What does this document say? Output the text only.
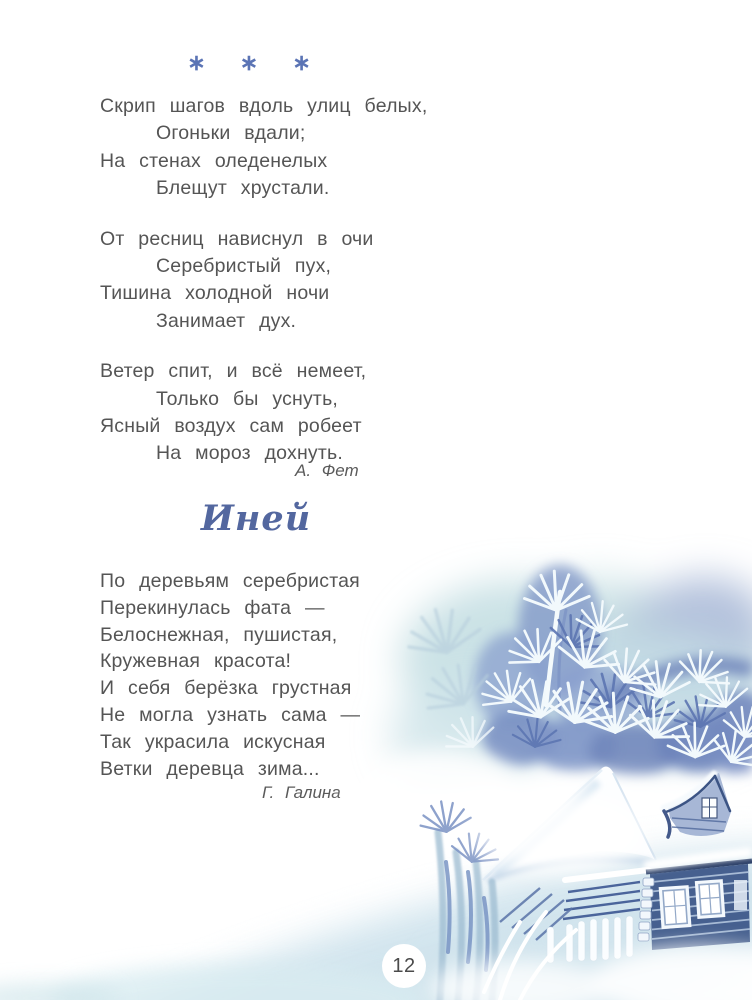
∗ ∗ ∗
Скрип шагов вдоль улиц белых,
Огоньки вдали;
На стенах оледенелых
Блещут хрустали.
От ресниц нависнул в очи
Серебристый пух,
Тишина холодной ночи
Занимает дух.
Ветер спит, и всё немеет,
Только бы уснуть,
Ясный воздух сам робеет
На мороз дохнуть.
А. Фет
Иней
По деревьям серебристая
Перекинулась фата —
Белоснежная, пушистая,
Кружевная красота!
И себя берёзка грустная
Не могла узнать сама —
Так украсила искусная
Ветки деревца зима...
Г. Галина
12
